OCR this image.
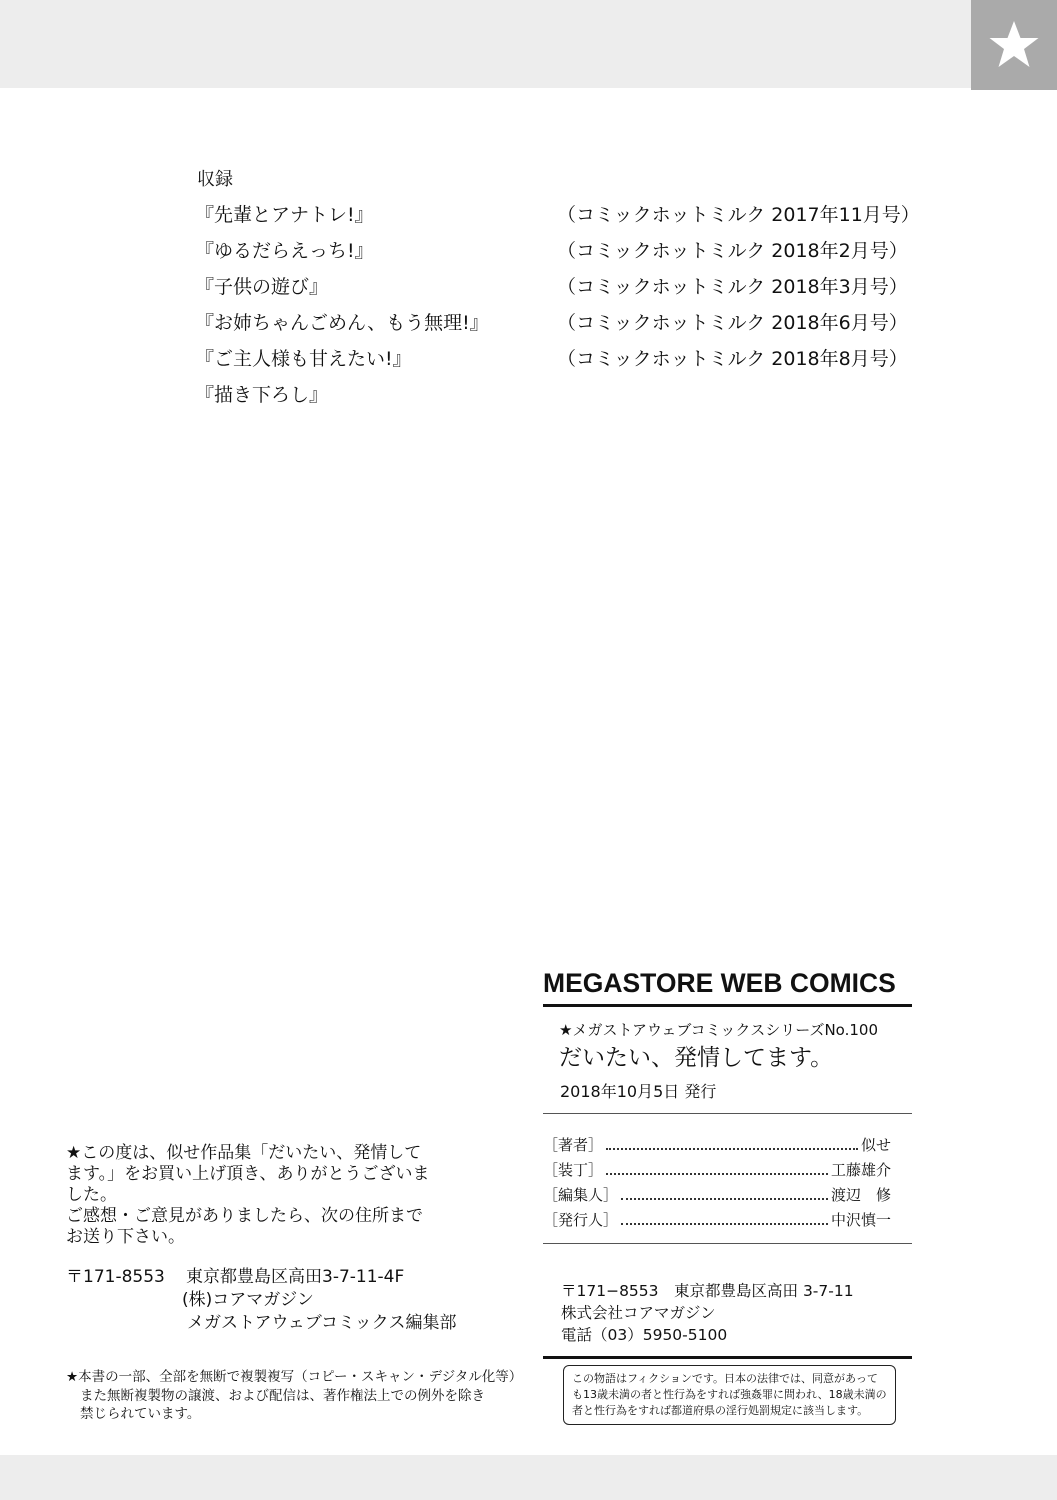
収録
『先輩とアナトレ!』	（コミックホットミルク 2017年11月号）
『ゆるだらえっち!』	（コミックホットミルク 2018年2月号）
『子供の遊び』	（コミックホットミルク 2018年3月号）
『お姉ちゃんごめん、もう無理!』	（コミックホットミルク 2018年6月号）
『ご主人様も甘えたい!』	（コミックホットミルク 2018年8月号）
『描き下ろし』
MEGASTORE WEB COMICS
★メガストアウェブコミックスシリーズNo.100
だいたい、発情してます。
2018年10月5日 発行
［著者］	似せ
［装丁］	工藤雄介
［編集人］	渡辺　修
［発行人］	中沢慎一
〒171−8553　東京都豊島区高田 3-7-11
株式会社コアマガジン
電話（03）5950-5100
この物語はフィクションです。日本の法律では、同意があっても13歳未満の者と性行為をすれば強姦罪に問われ、18歳未満の者と性行為をすれば都道府県の淫行処罰規定に該当します。

★この度は、似せ作品集「だいたい、発情して

ます。」をお買い上げ頂き、ありがとうございま

した。

ご感想・ご意見がありましたら、次の住所まで

お送り下さい。

〒171-8553	東京都豊島区高田3-7-11-4F
(株)コアマガジン
メガストアウェブコミックス編集部

★本書の一部、全部を無断で複製複写（コピー・スキャン・デジタル化等）

また無断複製物の譲渡、および配信は、著作権法上での例外を除き

禁じられています。
